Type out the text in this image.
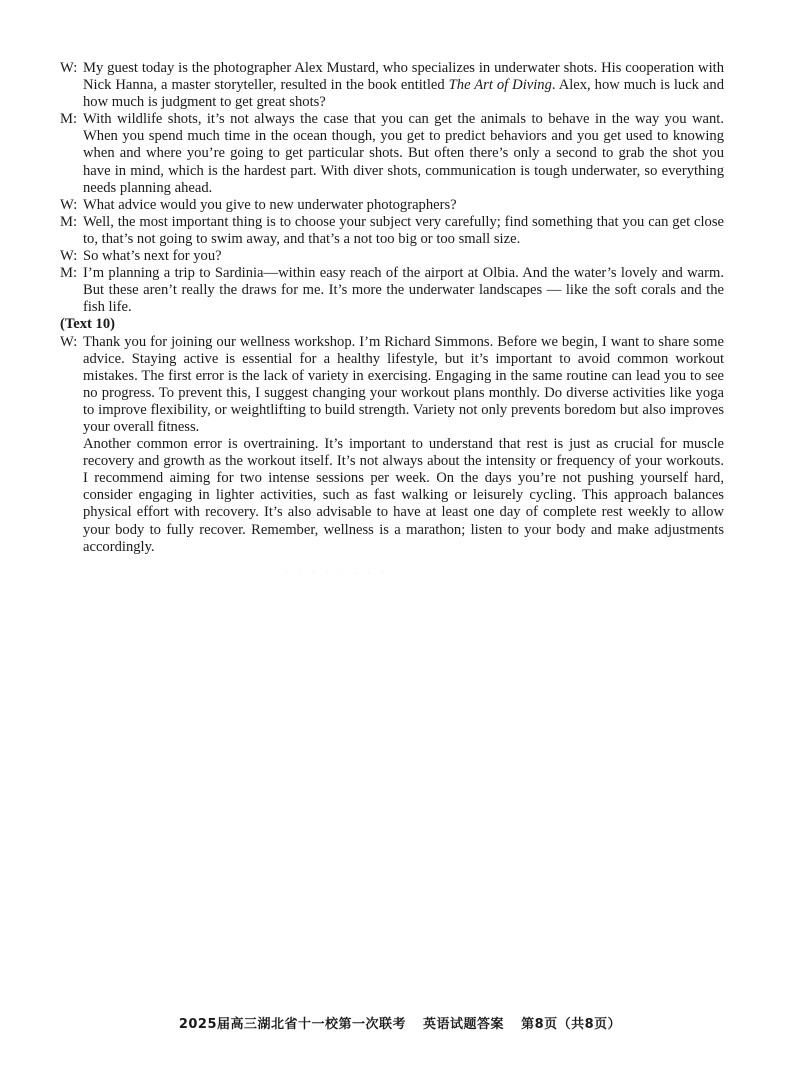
W: My guest today is the photographer Alex Mustard, who specializes in underwater shots. His cooperation with Nick Hanna, a master storyteller, resulted in the book entitled The Art of Diving. Alex, how much is luck and how much is judgment to get great shots?
M: With wildlife shots, it’s not always the case that you can get the animals to behave in the way you want. When you spend much time in the ocean though, you get to predict behaviors and you get used to knowing when and where you’re going to get particular shots. But often there’s only a second to grab the shot you have in mind, which is the hardest part. With diver shots, communication is tough underwater, so everything needs planning ahead.
W: What advice would you give to new underwater photographers?
M: Well, the most important thing is to choose your subject very carefully; find something that you can get close to, that’s not going to swim away, and that’s a not too big or too small size.
W: So what’s next for you?
M: I’m planning a trip to Sardinia—within easy reach of the airport at Olbia. And the water’s lovely and warm. But these aren’t really the draws for me. It’s more the underwater landscapes — like the soft corals and the fish life.

(Text 10)

W: Thank you for joining our wellness workshop. I’m Richard Simmons. Before we begin, I want to share some advice. Staying active is essential for a healthy lifestyle, but it’s important to avoid common workout mistakes. The first error is the lack of variety in exercising. Engaging in the same routine can lead you to see no progress. To prevent this, I suggest changing your workout plans monthly. Do diverse activities like yoga to improve flexibility, or weightlifting to build strength. Variety not only prevents boredom but also improves your overall fitness.

Another common error is overtraining. It’s important to understand that rest is just as crucial for muscle recovery and growth as the workout itself. It’s not always about the intensity or frequency of your workouts. I recommend aiming for two intense sessions per week. On the days you’re not pushing yourself hard, consider engaging in lighter activities, such as fast walking or leisurely cycling. This approach balances physical effort with recovery. It’s also advisable to have at least one day of complete rest weekly to allow your body to fully recover. Remember, wellness is a marathon; listen to your body and make adjustments accordingly.

· · · · · · · ·
2025届高三湖北省十一校第一次联考 英语试题答案 第8页（共8页）
